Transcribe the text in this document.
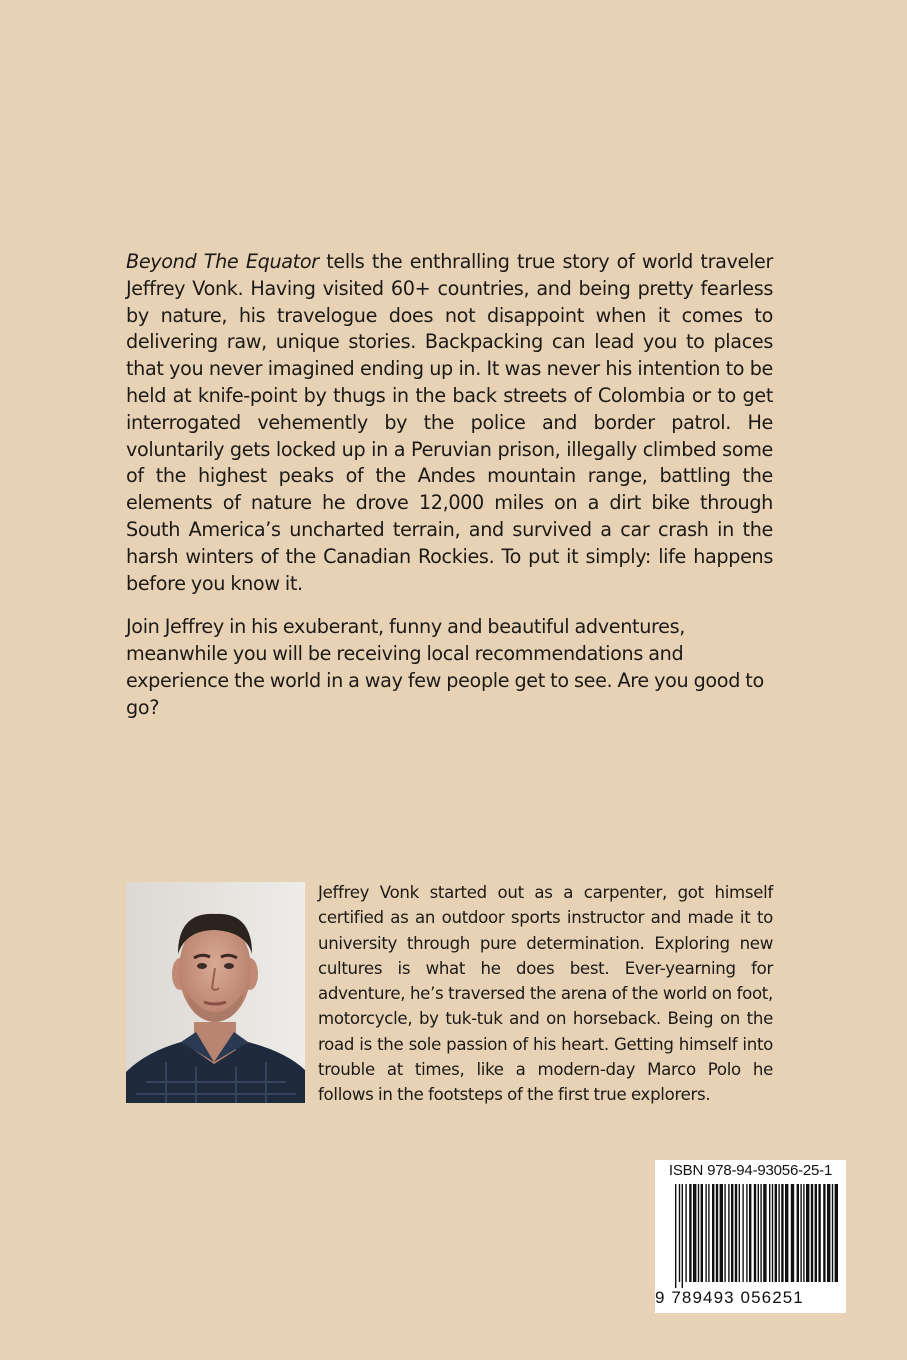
Beyond The Equator tells the enthralling true story of world traveler Jeffrey Vonk. Having visited 60+ countries, and being pretty fearless by nature, his travelogue does not disappoint when it comes to delivering raw, unique stories. Backpacking can lead you to places that you never imagined ending up in. It was never his intention to be held at knife-point by thugs in the back streets of Colombia or to get interrogated vehemently by the police and border patrol. He voluntarily gets locked up in a Peruvian prison, illegally climbed some of the highest peaks of the Andes mountain range, battling the elements of nature he drove 12,000 miles on a dirt bike through South America’s uncharted terrain, and survived a car crash in the harsh winters of the Canadian Rockies. To put it simply: life happens before you know it.

Join Jeffrey in his exuberant, funny and beautiful adventures, meanwhile you will be receiving local recommendations and experience the world in a way few people get to see. Are you good to go?

Jeffrey Vonk started out as a carpenter, got himself certified as an outdoor sports instructor and made it to university through pure determination. Exploring new cultures is what he does best. Ever-yearning for adventure, he’s traversed the arena of the world on foot, motorcycle, by tuk-tuk and on horseback. Being on the road is the sole passion of his heart. Getting himself into trouble at times, like a modern-day Marco Polo he follows in the footsteps of the first true explorers.

ISBN 978-94-93056-25-1
9 789493 056251
